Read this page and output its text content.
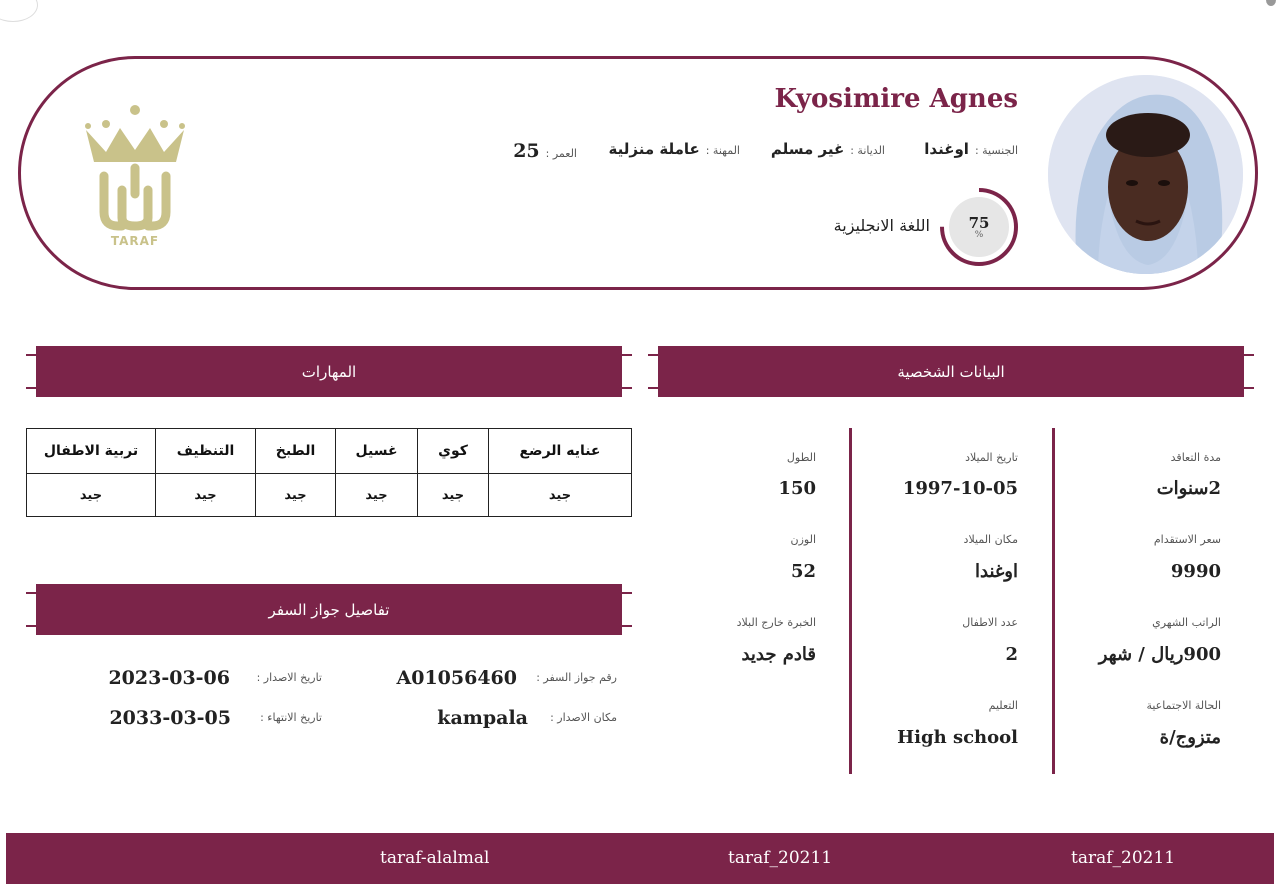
TARAF
Kyosimire Agnes
الجنسية :
اوغندا
الديانة :
غير مسلم
المهنة :
عاملة منزلية
العمر :
25
75
%
اللغة الانجليزية
المهارات	البيانات الشخصية
تفاصيل جواز السفر
عنايه الرضع	كوي	غسيل	الطبخ	التنظيف	تربية الاطفال
جيد	جيد	جيد	جيد	جيد	جيد
رقم جواز السفر :
A01056460
تاريخ الاصدار :
2023-03-06
مكان الاصدار :
kampala
تاريخ الانتهاء :
2033-03-05
مدة التعاقد
2سنوات
سعر الاستقدام
9990
الراتب الشهري
900ريال / شهر
الحالة الاجتماعية
متزوج/ة
تاريخ الميلاد
1997-10-05
مكان الميلاد
اوغندا
عدد الاطفال
2
التعليم
High school
الطول
150
الوزن
52
الخبرة خارج البلاد
قادم جديد
taraf-alalmal	taraf_20211	taraf_20211
